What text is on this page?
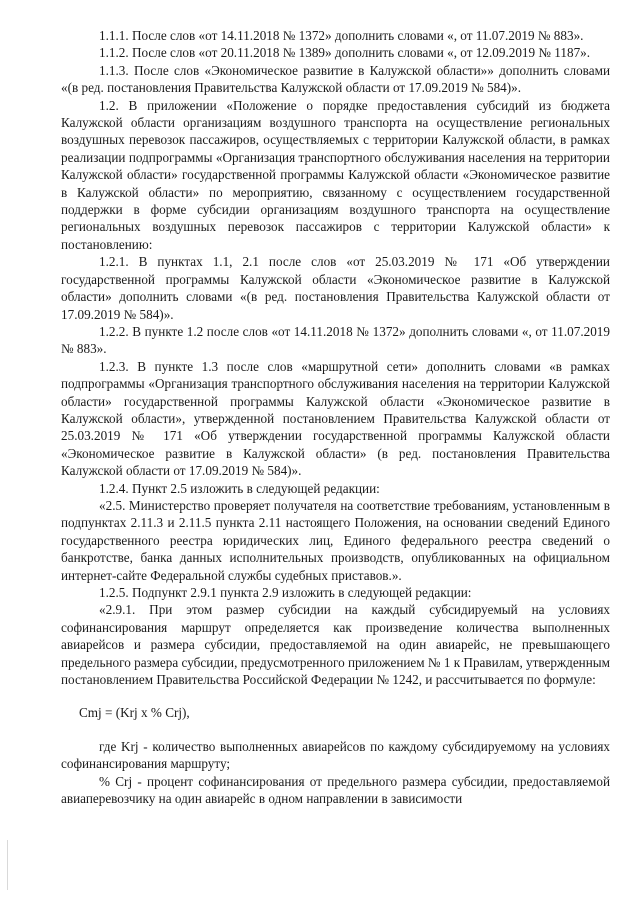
1.1.1. После слов «от 14.11.2018 № 1372» дополнить словами «, от 11.07.2019 № 883».

1.1.2. После слов «от 20.11.2018 № 1389» дополнить словами «, от 12.09.2019 № 1187».

1.1.3. После слов «Экономическое развитие в Калужской области»» дополнить словами «(в ред. постановления Правительства Калужской области от 17.09.2019 № 584)».

1.2. В приложении «Положение о порядке предоставления субсидий из бюджета Калужской области организациям воздушного транспорта на осуществление региональных воздушных перевозок пассажиров, осуществляемых с территории Калужской области, в рамках реализации подпрограммы «Организация транспортного обслуживания населения на территории Калужской области» государственной программы Калужской области «Экономическое развитие в Калужской области» по мероприятию, связанному с осуществлением государственной поддержки в форме субсидии организациям воздушного транспорта на осуществление региональных воздушных перевозок пассажиров с территории Калужской области» к постановлению:

1.2.1. В пунктах 1.1, 2.1 после слов «от 25.03.2019 № 171 «Об утверждении государственной программы Калужской области «Экономическое развитие в Калужской области» дополнить словами «(в ред. постановления Правительства Калужской области от 17.09.2019 № 584)».

1.2.2. В пункте 1.2 после слов «от 14.11.2018 № 1372» дополнить словами «, от 11.07.2019 № 883».

1.2.3. В пункте 1.3 после слов «маршрутной сети» дополнить словами «в рамках подпрограммы «Организация транспортного обслуживания населения на территории Калужской области» государственной программы Калужской области «Экономическое развитие в Калужской области», утвержденной постановлением Правительства Калужской области от 25.03.2019 № 171 «Об утверждении государственной программы Калужской области «Экономическое развитие в Калужской области» (в ред. постановления Правительства Калужской области от 17.09.2019 № 584)».

1.2.4. Пункт 2.5 изложить в следующей редакции:

«2.5. Министерство проверяет получателя на соответствие требованиям, установленным в подпунктах 2.11.3 и 2.11.5 пункта 2.11 настоящего Положения, на основании сведений Единого государственного реестра юридических лиц, Единого федерального реестра сведений о банкротстве, банка данных исполнительных производств, опубликованных на официальном интернет-сайте Федеральной службы судебных приставов.».

1.2.5. Подпункт 2.9.1 пункта 2.9 изложить в следующей редакции:

«2.9.1. При этом размер субсидии на каждый субсидируемый на условиях софинансирования маршрут определяется как произведение количества выполненных авиарейсов и размера субсидии, предоставляемой на один авиарейс, не превышающего предельного размера субсидии, предусмотренного приложением № 1 к Правилам, утвержденным постановлением Правительства Российской Федерации № 1242, и рассчитывается по формуле:

Cmj = (Krj x % Crj),

где Krj - количество выполненных авиарейсов по каждому субсидируемому на условиях софинансирования маршруту;

% Crj - процент софинансирования от предельного размера субсидии, предоставляемой авиаперевозчику на один авиарейс в одном направлении в зависимости
